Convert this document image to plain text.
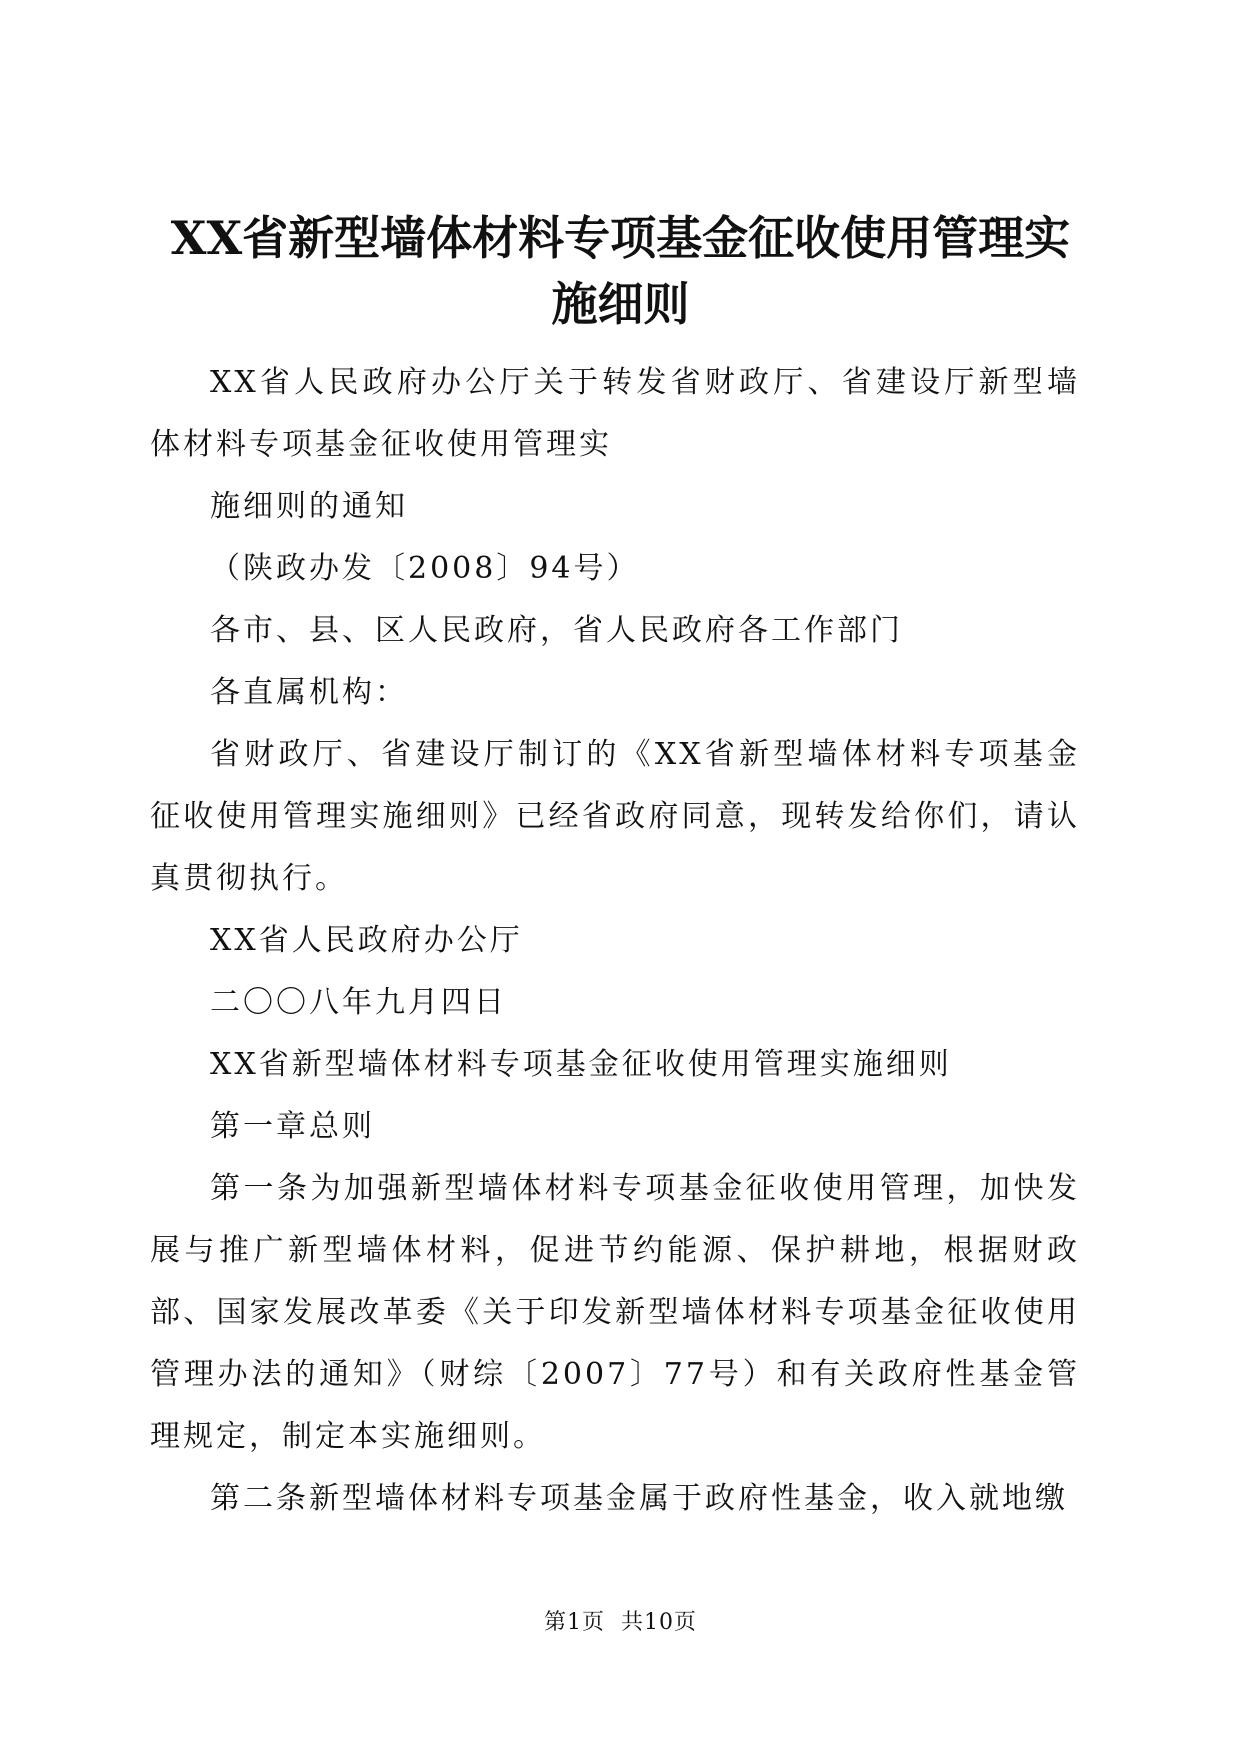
XX省新型墙体材料专项基金征收使用管理实施细则

XX省人民政府办公厅关于转发省财政厅、省建设厅新型墙体材料专项基金征收使用管理实

施细则的通知

（陕政办发〔2008〕94号）

各市、县、区人民政府，省人民政府各工作部门

各直属机构：

省财政厅、省建设厅制订的《XX省新型墙体材料专项基金征收使用管理实施细则》已经省政府同意，现转发给你们，请认真贯彻执行。

XX省人民政府办公厅

二〇〇八年九月四日

XX省新型墙体材料专项基金征收使用管理实施细则

第一章总则

第一条为加强新型墙体材料专项基金征收使用管理，加快发展与推广新型墙体材料，促进节约能源、保护耕地，根据财政部、国家发展改革委《关于印发新型墙体材料专项基金征收使用管理办法的通知》（财综〔2007〕77号）和有关政府性基金管理规定，制定本实施细则。

第二条新型墙体材料专项基金属于政府性基金，收入就地缴

第1页  共10页
